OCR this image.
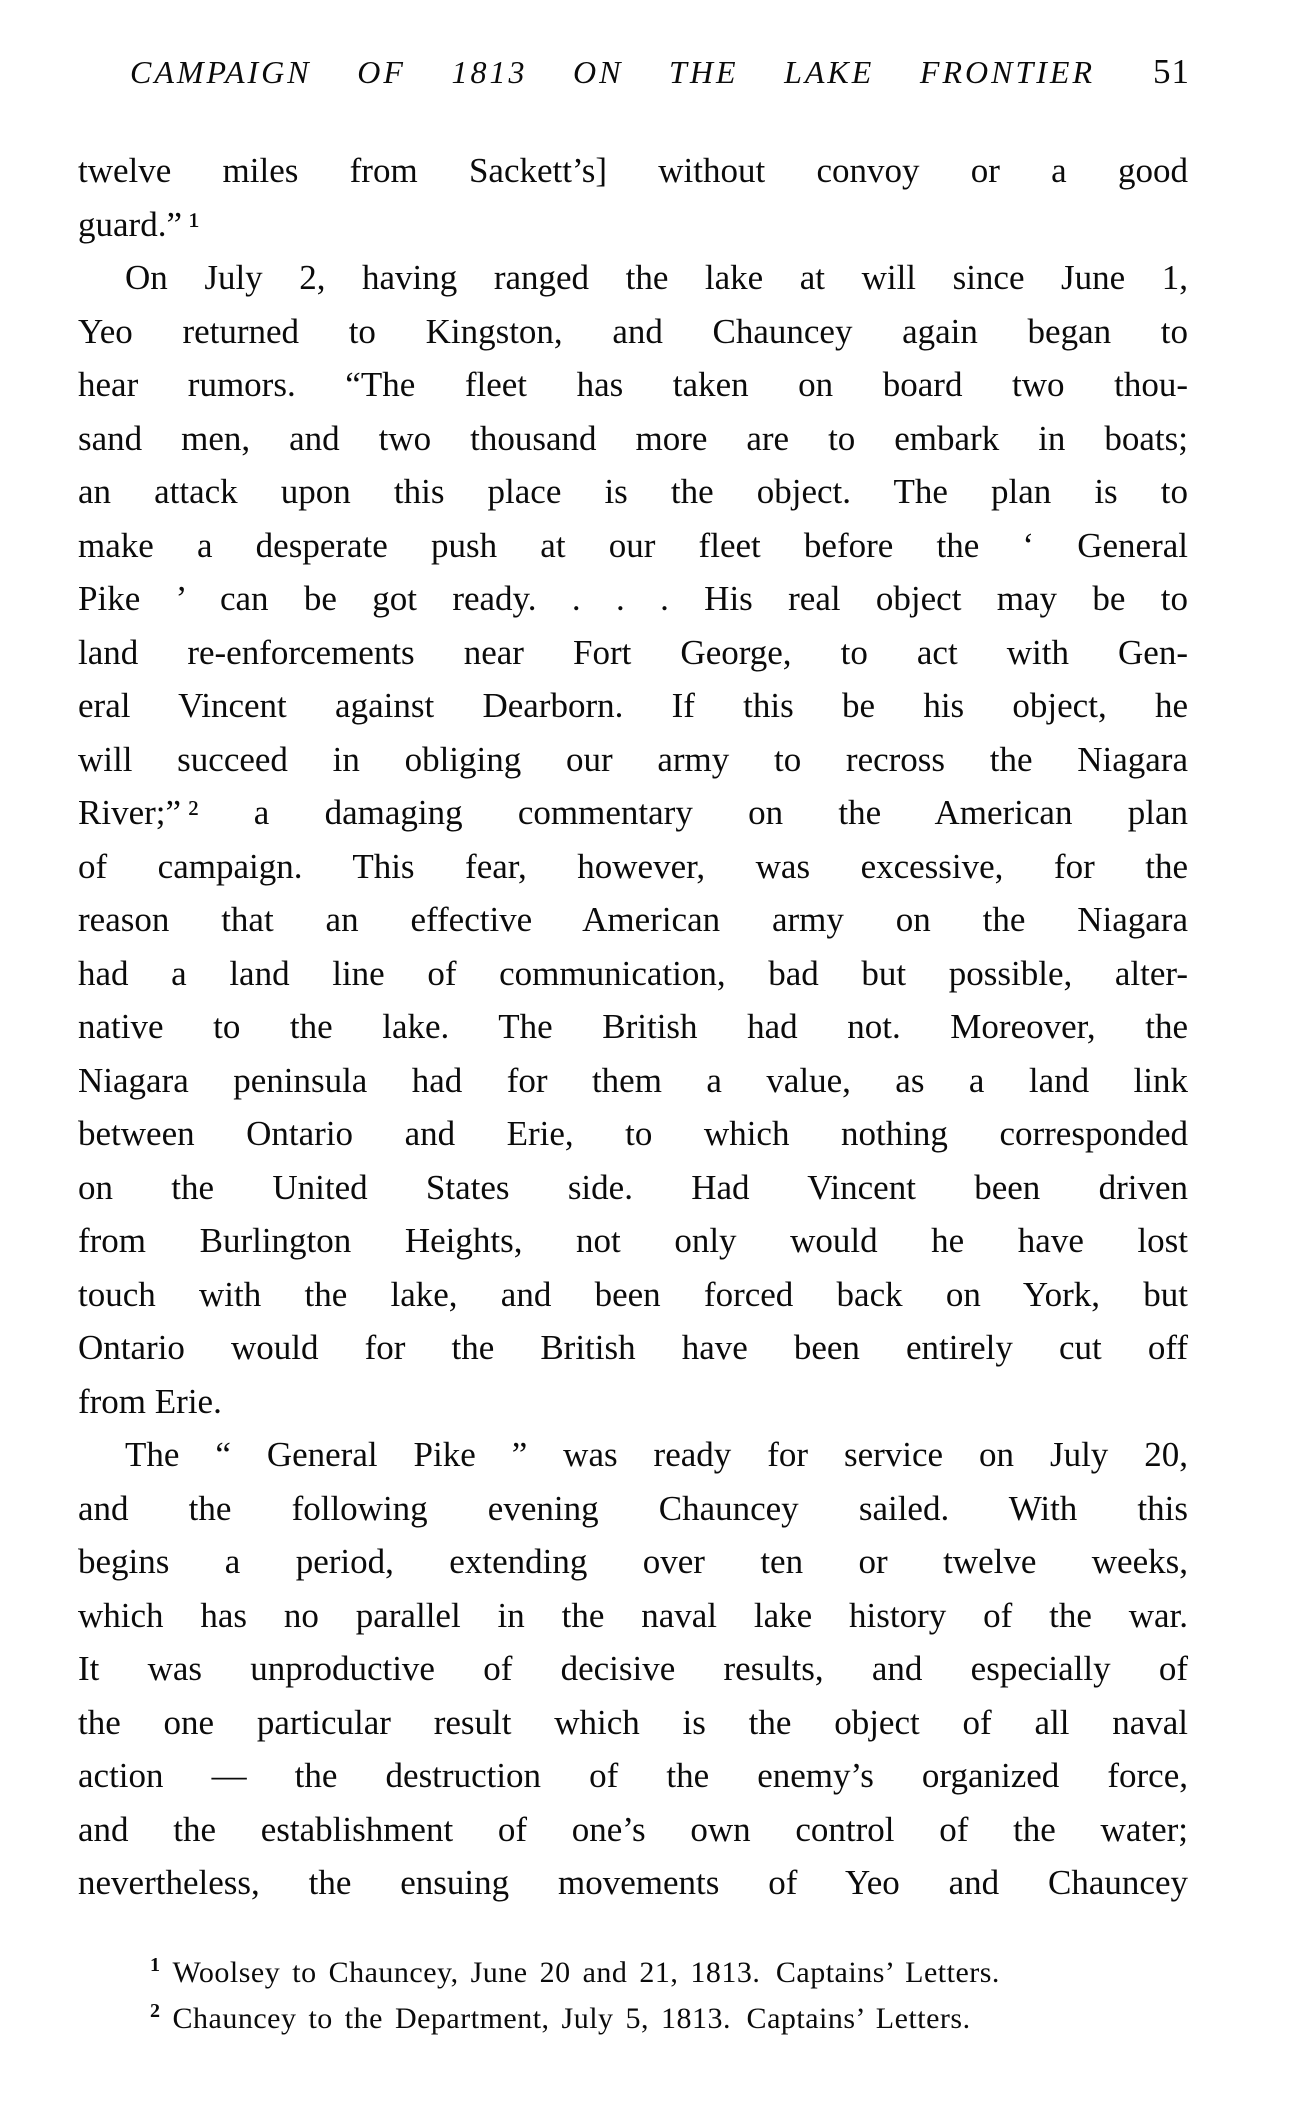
CAMPAIGN OF 1813 ON THE LAKE FRONTIER 51
twelve miles from Sackett’s] without convoy or a good
guard.” ¹
On July 2, having ranged the lake at will since June 1,
Yeo returned to Kingston, and Chauncey again began to
hear rumors. “The fleet has taken on board two thou-
sand men, and two thousand more are to embark in boats;
an attack upon this place is the object. The plan is to
make a desperate push at our fleet before the ‘ General
Pike ’ can be got ready. . . . His real object may be to
land re-enforcements near Fort George, to act with Gen-
eral Vincent against Dearborn. If this be his object, he
will succeed in obliging our army to recross the Niagara
River;” ² a damaging commentary on the American plan
of campaign. This fear, however, was excessive, for the
reason that an effective American army on the Niagara
had a land line of communication, bad but possible, alter-
native to the lake. The British had not. Moreover, the
Niagara peninsula had for them a value, as a land link
between Ontario and Erie, to which nothing corresponded
on the United States side. Had Vincent been driven
from Burlington Heights, not only would he have lost
touch with the lake, and been forced back on York, but
Ontario would for the British have been entirely cut off
from Erie.
The “ General Pike ” was ready for service on July 20,
and the following evening Chauncey sailed. With this
begins a period, extending over ten or twelve weeks,
which has no parallel in the naval lake history of the war.
It was unproductive of decisive results, and especially of
the one particular result which is the object of all naval
action — the destruction of the enemy’s organized force,
and the establishment of one’s own control of the water;
nevertheless, the ensuing movements of Yeo and Chauncey
$^1$ Woolsey to Chauncey, June 20 and 21, 1813. Captains’ Letters.
$^2$ Chauncey to the Department, July 5, 1813. Captains’ Letters.
